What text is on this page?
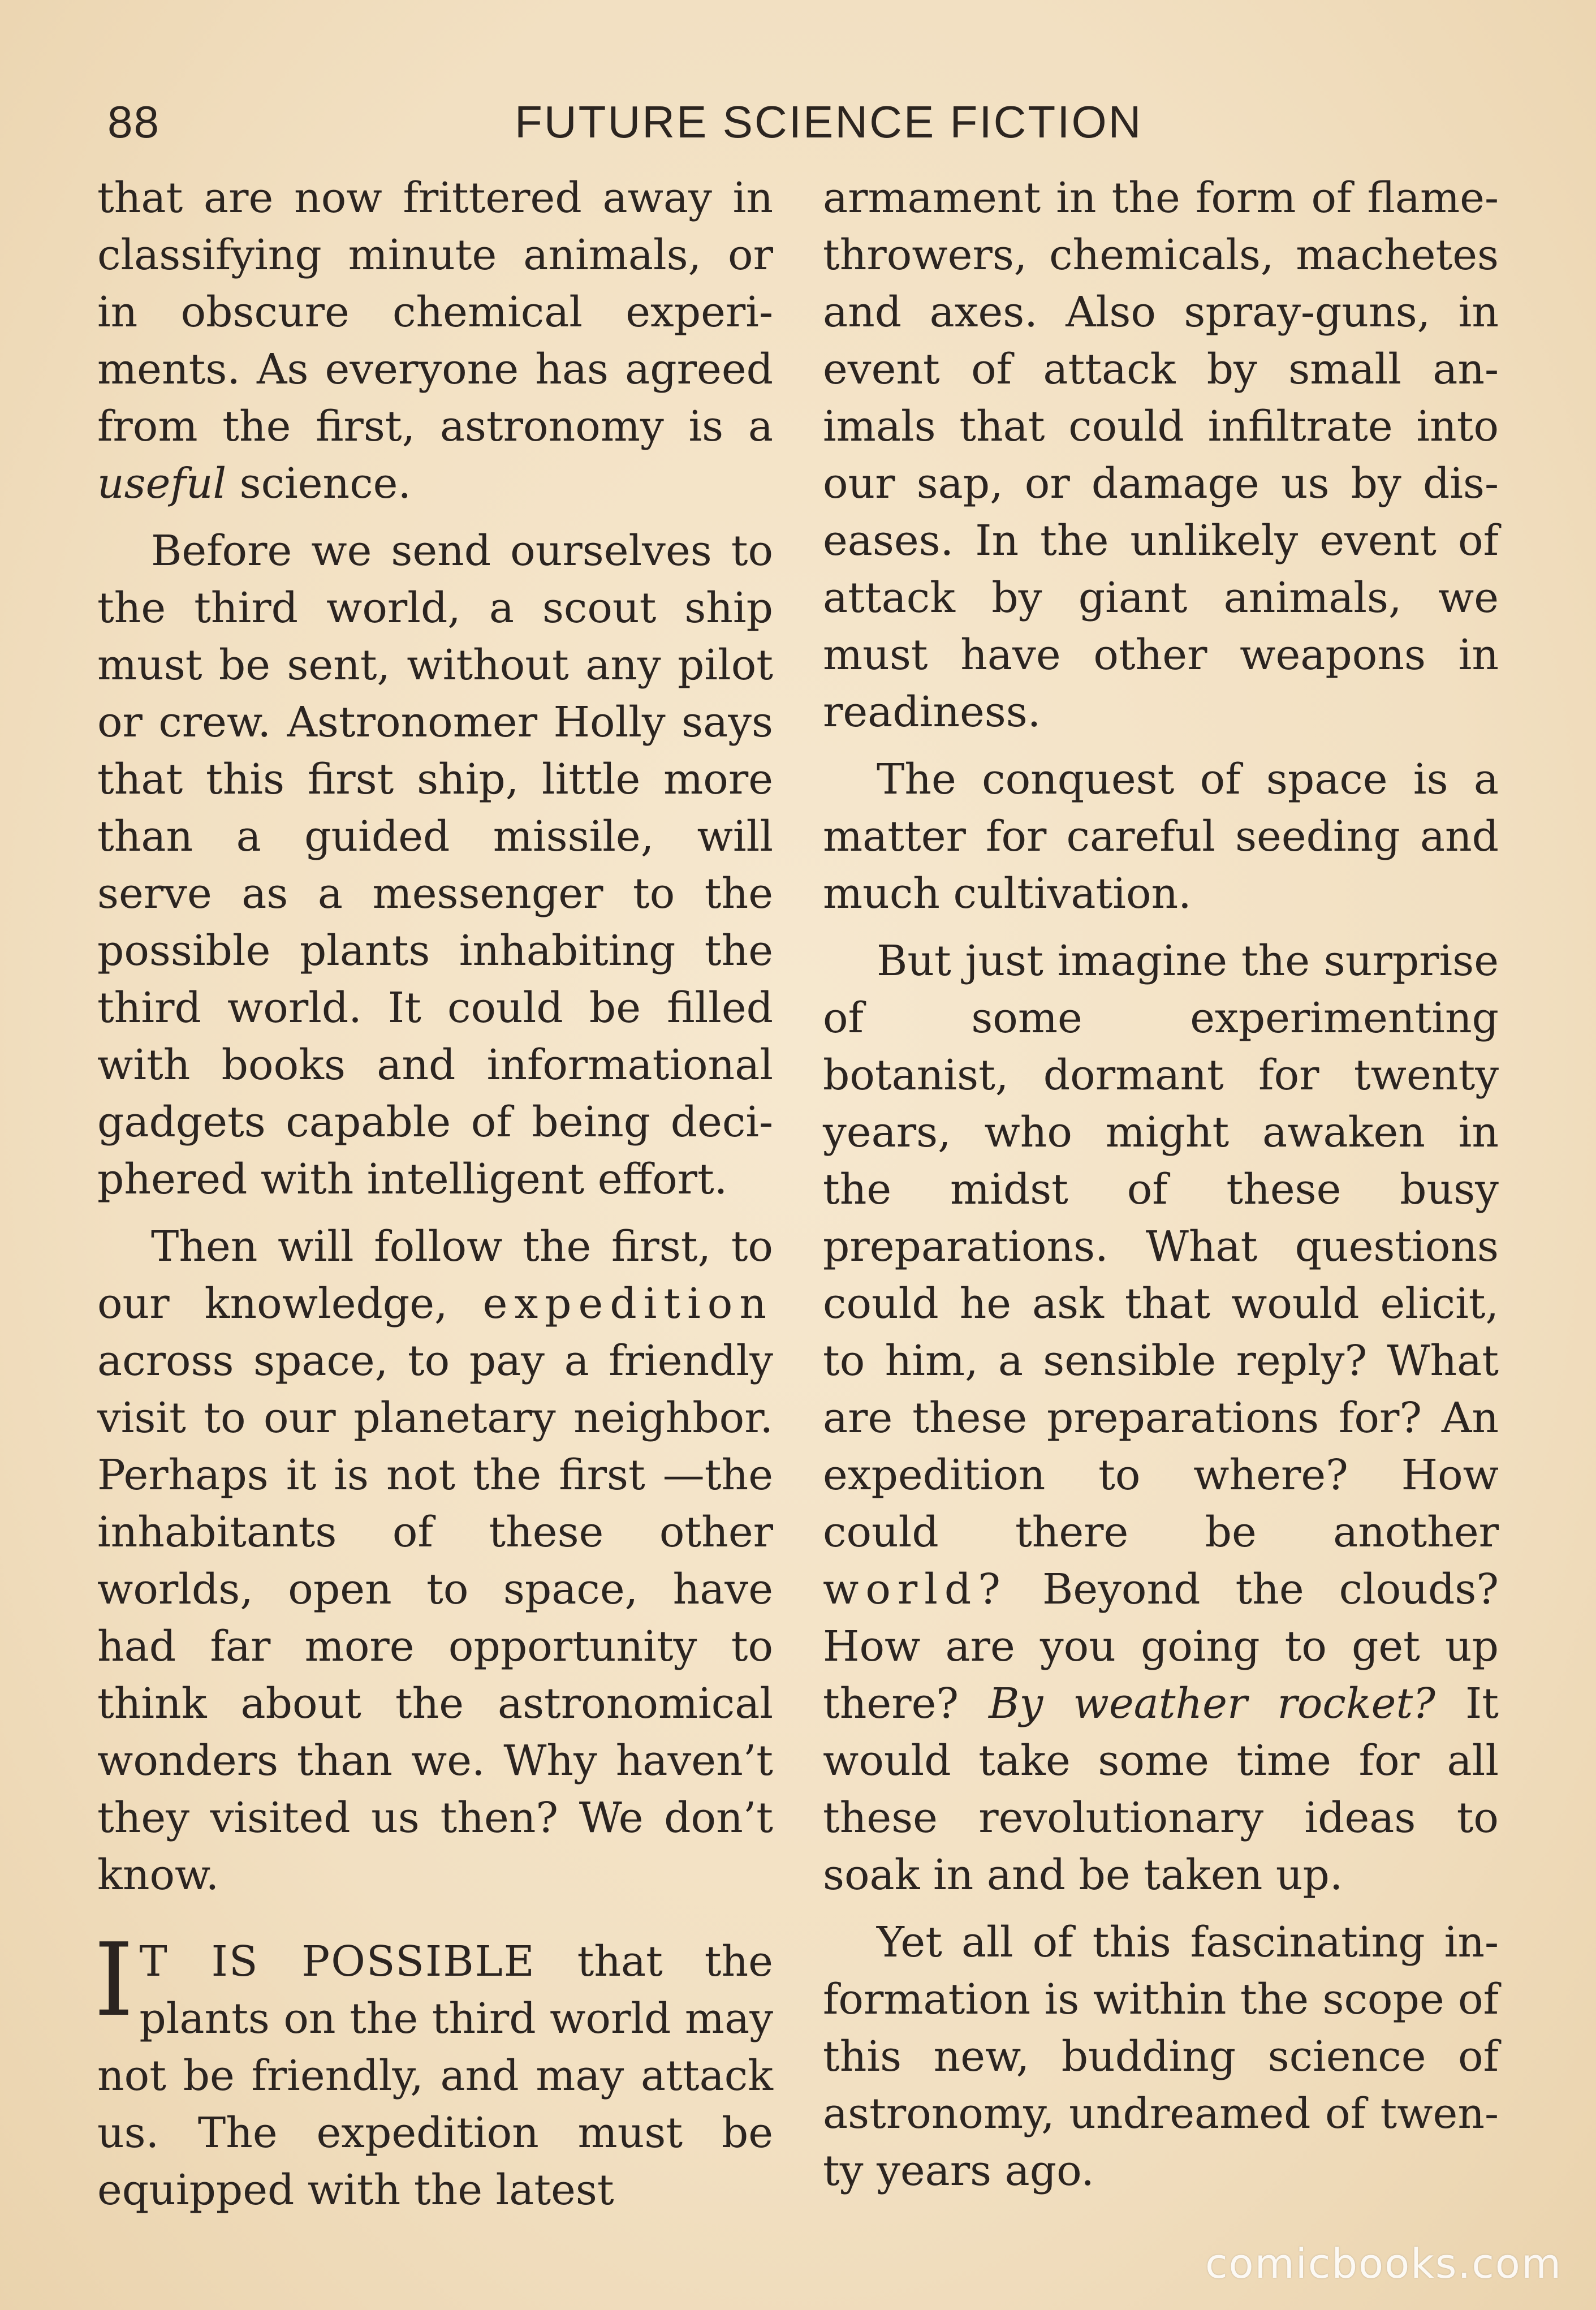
88	FUTURE SCIENCE FICTION

that are now frittered away in classifying minute animals, or in obscure chemical experiments. As everyone has agreed from the first, astronomy is a useful science.

Before we send ourselves to the third world, a scout ship must be sent, without any pilot or crew. Astronomer Holly says that this first ship, little more than a guided missile, will serve as a messenger to the possible plants inhabiting the third world. It could be filled with books and informational gadgets capable of being deciphered with intelligent effort.

Then will follow the first, to our knowledge, expedition across space, to pay a friendly visit to our planetary neighbor. Perhaps it is not the first —the inhabitants of these other worlds, open to space, have had far more opportunity to think about the astronomical wonders than we. Why haven’t they visited us then? We don’t know.

I T IS POSSIBLE that the plants on the third world may not be friendly, and may attack us. The expedition must be equipped with the latest

armament in the form of flamethrowers, chemicals, machetes and axes. Also spray-guns, in event of attack by small animals that could infiltrate into our sap, or damage us by diseases. In the unlikely event of attack by giant animals, we must have other weapons in readiness.

The conquest of space is a matter for careful seeding and much cultivation.

But just imagine the surprise of some experimenting botanist, dormant for twenty years, who might awaken in the midst of these busy preparations. What questions could he ask that would elicit, to him, a sensible reply? What are these preparations for? An expedition to where? How could there be another world? Beyond the clouds? How are you going to get up there? By weather rocket? It would take some time for all these revolutionary ideas to soak in and be taken up.

Yet all of this fascinating information is within the scope of this new, budding science of astronomy, undreamed of twenty years ago.

comicbooks.com
